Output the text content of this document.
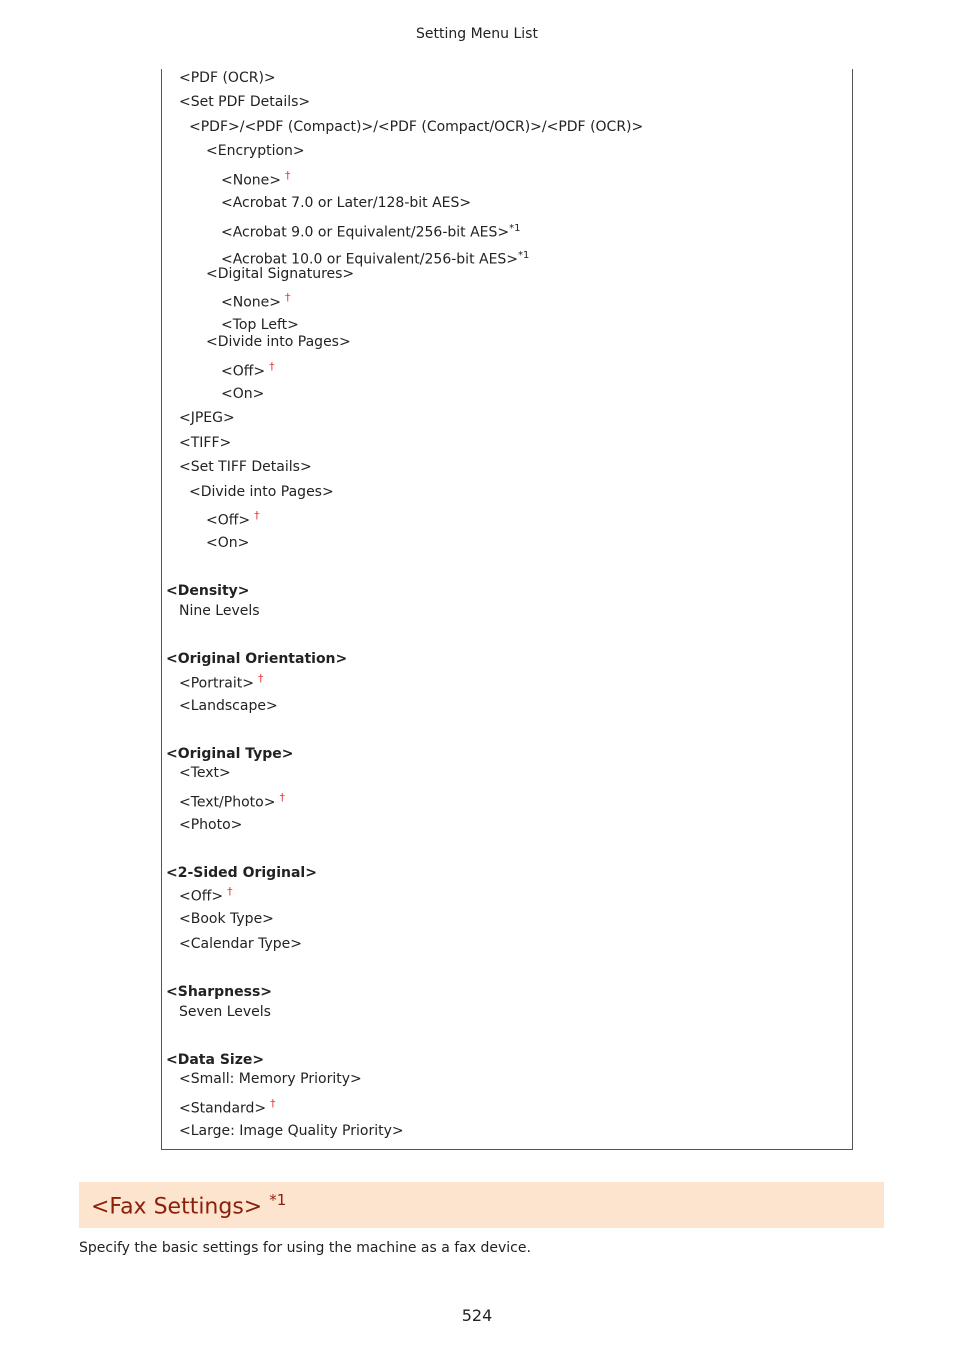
Setting Menu List
<PDF (OCR)>
<Set PDF Details>
<PDF>/<PDF (Compact)>/<PDF (Compact/OCR)>/<PDF (OCR)>
<Encryption>
<None> †
<Acrobat 7.0 or Later/128-bit AES>
<Acrobat 9.0 or Equivalent/256-bit AES>$^{*1}$
<Acrobat 10.0 or Equivalent/256-bit AES>$^{*1}$
<Digital Signatures>
<None> †
<Top Left>
<Divide into Pages>
<Off> †
<On>
<JPEG>
<TIFF>
<Set TIFF Details>
<Divide into Pages>
<Off> †
<On>
<Density>
Nine Levels
<Original Orientation>
<Portrait> †
<Landscape>
<Original Type>
<Text>
<Text/Photo> †
<Photo>
<2-Sided Original>
<Off> †
<Book Type>
<Calendar Type>
<Sharpness>
Seven Levels
<Data Size>
<Small: Memory Priority>
<Standard> †
<Large: Image Quality Priority>
<Fax Settings> $^{*1}$
Specify the basic settings for using the machine as a fax device.
524
